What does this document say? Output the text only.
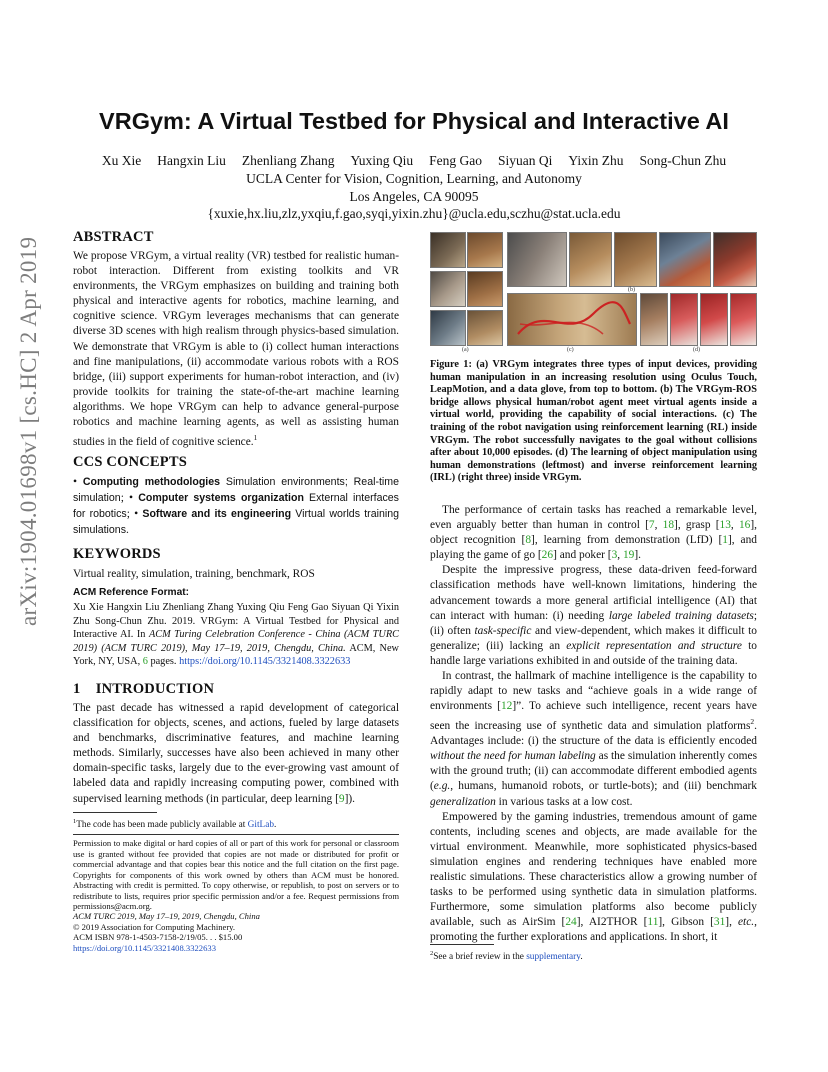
arXiv:1904.01698v1 [cs.HC] 2 Apr 2019
VRGym: A Virtual Testbed for Physical and Interactive AI
Xu Xie Hangxin Liu Zhenliang Zhang Yuxing Qiu Feng Gao Siyuan Qi Yixin Zhu Song-Chun Zhu
UCLA Center for Vision, Cognition, Learning, and Autonomy
Los Angeles, CA 90095
{xuxie,hx.liu,zlz,yxqiu,f.gao,syqi,yixin.zhu}@ucla.edu,sczhu@stat.ucla.edu
ABSTRACT
We propose VRGym, a virtual reality (VR) testbed for realistic human-robot interaction. Different from existing toolkits and VR environments, the VRGym emphasizes on building and training both physical and interactive agents for robotics, machine learning, and cognitive science. VRGym leverages mechanisms that can generate diverse 3D scenes with high realism through physics-based simulation. We demonstrate that VRGym is able to (i) collect human interactions and fine manipulations, (ii) accommodate various robots with a ROS bridge, (iii) support experiments for human-robot interaction, and (iv) provide toolkits for training the state-of-the-art machine learning algorithms. We hope VRGym can help to advance general-purpose robotics and machine learning agents, as well as assisting human studies in the field of cognitive science.$^1$
CCS CONCEPTS
• Computing methodologies Simulation environments; Real-time simulation; • Computer systems organization External interfaces for robotics; • Software and its engineering Virtual worlds training simulations.
KEYWORDS
Virtual reality, simulation, training, benchmark, ROS
ACM Reference Format:
Xu Xie Hangxin Liu Zhenliang Zhang Yuxing Qiu Feng Gao Siyuan Qi Yixin Zhu Song-Chun Zhu. 2019. VRGym: A Virtual Testbed for Physical and Interactive AI. In ACM Turing Celebration Conference - China (ACM TURC 2019) (ACM TURC 2019), May 17–19, 2019, Chengdu, China. ACM, New York, NY, USA, 6 pages. https://doi.org/10.1145/3321408.3322633
1 INTRODUCTION
The past decade has witnessed a rapid development of categorical classification for objects, scenes, and actions, fueled by large datasets and benchmarks, discriminative features, and machine learning methods. Similarly, successes have also been achieved in many other domain-specific tasks, largely due to the ever-growing vast amount of labeled data and rapidly increasing computing power, combined with supervised learning methods (in particular, deep learning [9]).
$^1$The code has been made publicly available at GitLab.
Permission to make digital or hard copies of all or part of this work for personal or classroom use is granted without fee provided that copies are not made or distributed for profit or commercial advantage and that copies bear this notice and the full citation on the first page. Copyrights for components of this work owned by others than ACM must be honored. Abstracting with credit is permitted. To copy otherwise, or republish, to post on servers or to redistribute to lists, requires prior specific permission and/or a fee. Request permissions from permissions@acm.org.
ACM TURC 2019, May 17–19, 2019, Chengdu, China
© 2019 Association for Computing Machinery.
ACM ISBN 978-1-4503-7158-2/19/05. . . $15.00
https://doi.org/10.1145/3321408.3322633
(b)
(a)	(c)	(d)
Figure 1: (a) VRGym integrates three types of input devices, providing human manipulation in an increasing resolution using Oculus Touch, LeapMotion, and a data glove, from top to bottom. (b) The VRGym-ROS bridge allows physical human/robot agent meet virtual agents inside a virtual world, providing the capability of social interactions. (c) The training of the robot navigation using reinforcement learning (RL) inside VRGym. The robot successfully navigates to the goal without collisions after about 10,000 episodes. (d) The learning of object manipulation using human demonstrations (leftmost) and inverse reinforcement learning (IRL) (right three) inside VRGym.

The performance of certain tasks has reached a remarkable level, even arguably better than human in control [7, 18], grasp [13, 16], object recognition [8], learning from demonstration (LfD) [1], and playing the game of go [26] and poker [3, 19].

Despite the impressive progress, these data-driven feed-forward classification methods have well-known limitations, hindering the advancement towards a more general artificial intelligence (AI) that can interact with human: (i) needing large labeled training datasets; (ii) often task-specific and view-dependent, which makes it difficult to generalize; (iii) lacking an explicit representation and structure to handle large variations exhibited in and outside of the training data.

In contrast, the hallmark of machine intelligence is the capability to rapidly adapt to new tasks and “achieve goals in a wide range of environments [12]”. To achieve such intelligence, recent years have seen the increasing use of synthetic data and simulation platforms$^2$. Advantages include: (i) the structure of the data is efficiently encoded without the need for human labeling as the simulation inherently comes with the ground truth; (ii) can accommodate different embodied agents (e.g., humans, humanoid robots, or turtle-bots); and (iii) benchmark generalization in various tasks at a low cost.

Empowered by the gaming industries, tremendous amount of game contents, including scenes and objects, are made available for the virtual environment. Meanwhile, more sophisticated physics-based simulation engines and rendering techniques have enabled more realistic simulations. These characteristics allow a growing number of tasks to be performed using synthetic data in simulation platforms. Furthermore, some simulation platforms also become publicly available, such as AirSim [24], AI2THOR [11], Gibson [31], etc., promoting the further explorations and applications. In short, it

$^2$See a brief review in the supplementary.
